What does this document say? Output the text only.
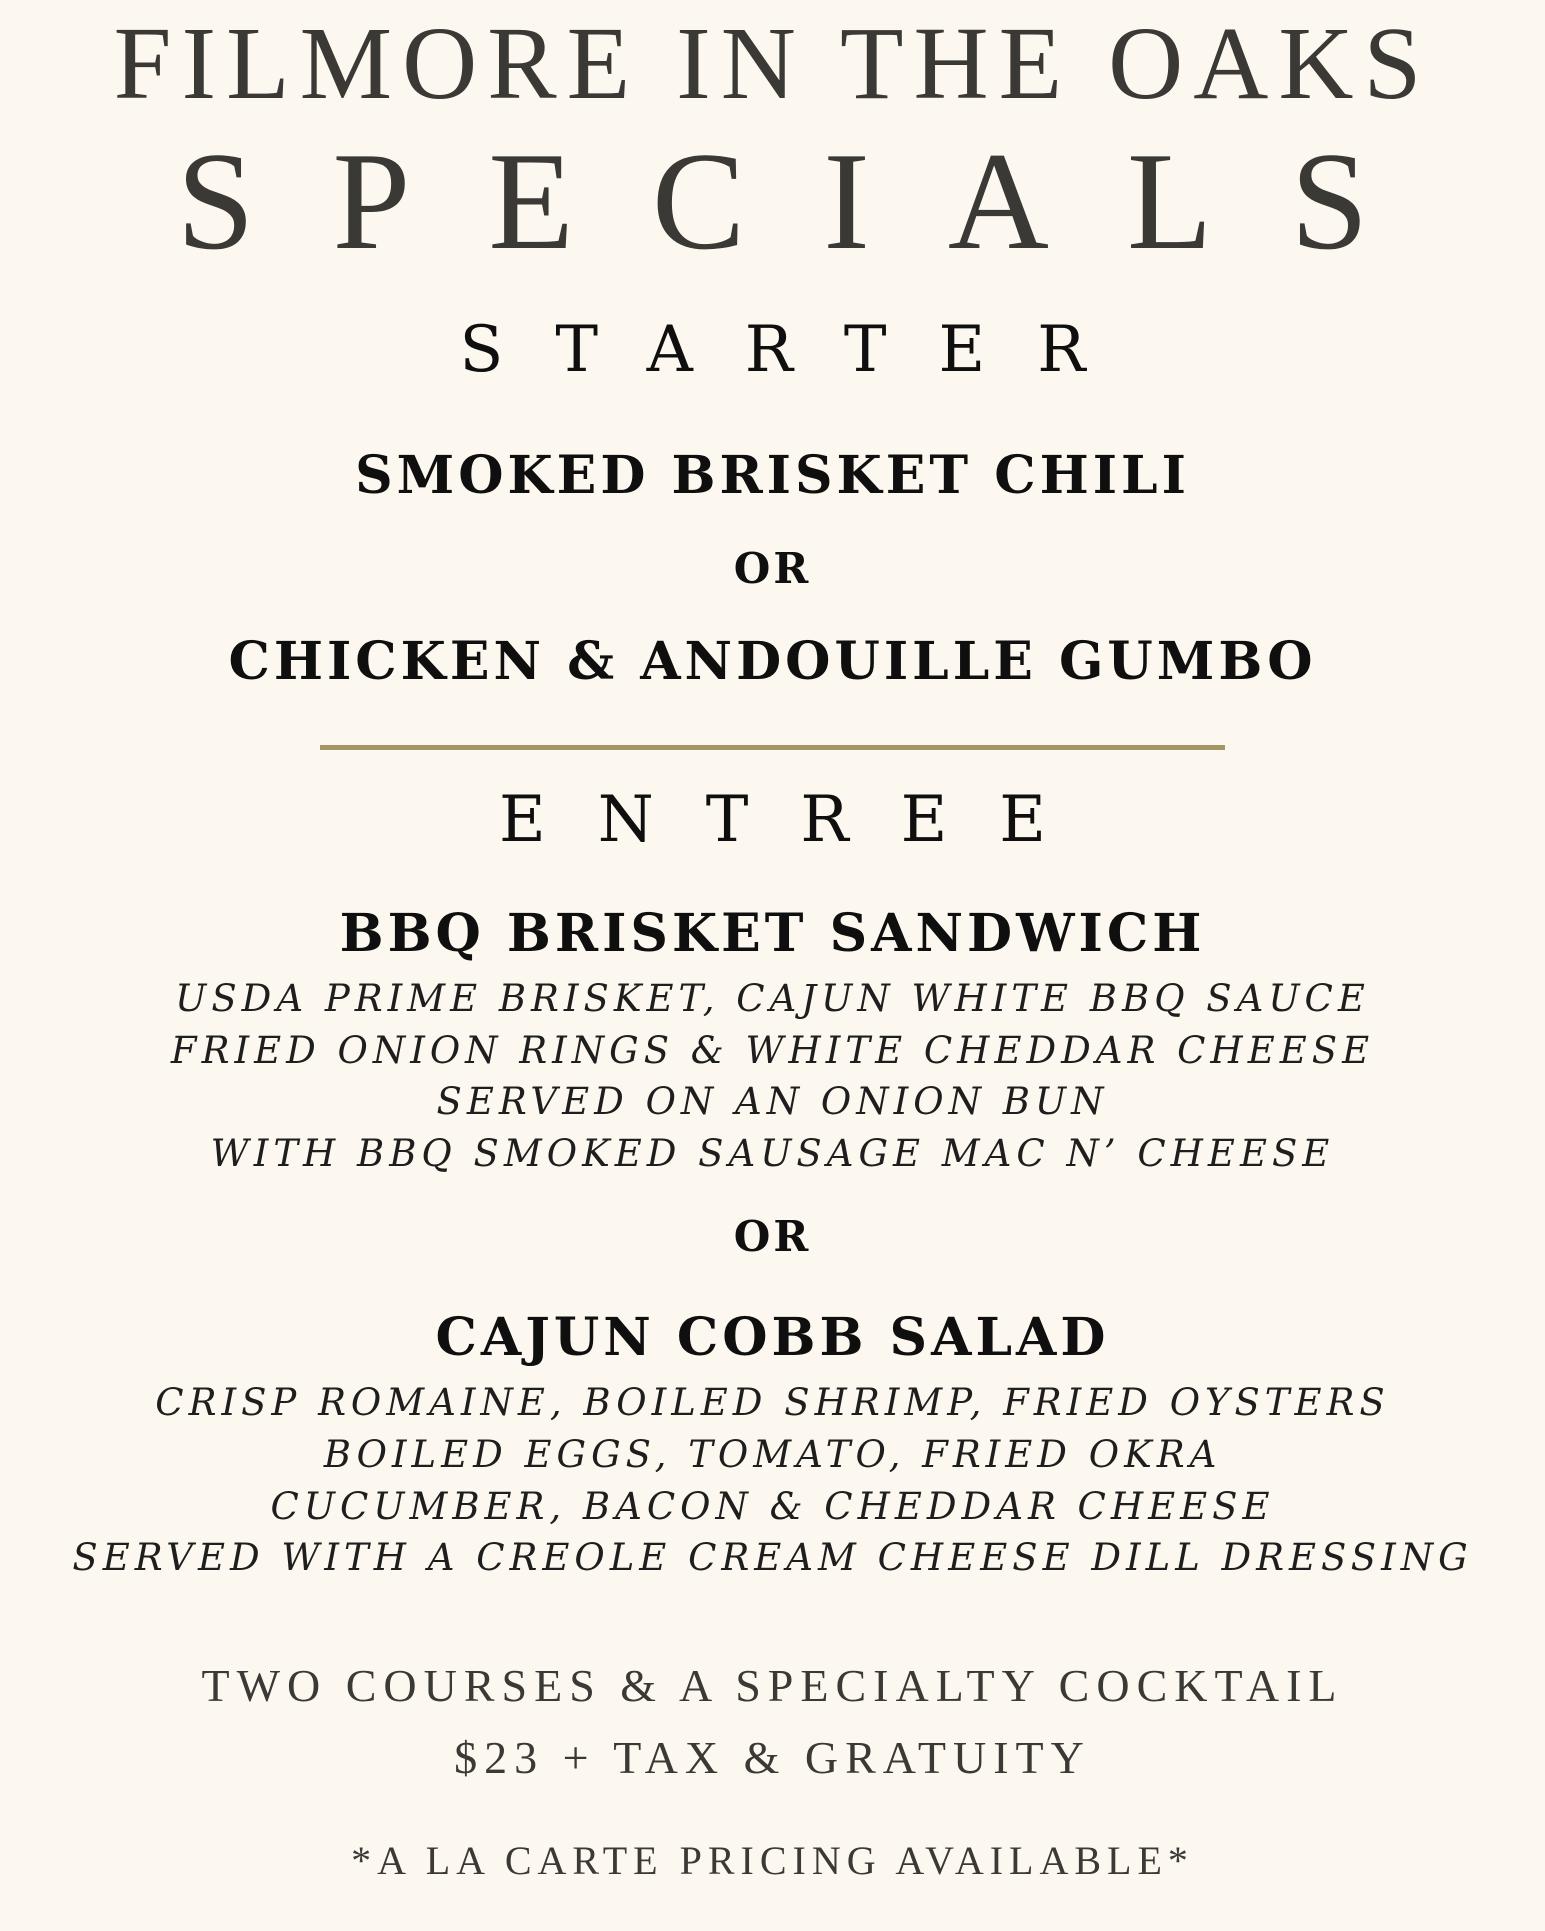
FILMORE IN THE OAKS
SPECIALS
STARTER
SMOKED BRISKET CHILI
OR
CHICKEN & ANDOUILLE GUMBO
ENTREE
BBQ BRISKET SANDWICH
USDA PRIME BRISKET, CAJUN WHITE BBQ SAUCE
FRIED ONION RINGS & WHITE CHEDDAR CHEESE
SERVED ON AN ONION BUN
WITH BBQ SMOKED SAUSAGE MAC N’ CHEESE
OR
CAJUN COBB SALAD
CRISP ROMAINE, BOILED SHRIMP, FRIED OYSTERS
BOILED EGGS, TOMATO, FRIED OKRA
CUCUMBER, BACON & CHEDDAR CHEESE
SERVED WITH A CREOLE CREAM CHEESE DILL DRESSING
TWO COURSES & A SPECIALTY COCKTAIL
$23 + TAX & GRATUITY
*A LA CARTE PRICING AVAILABLE*
